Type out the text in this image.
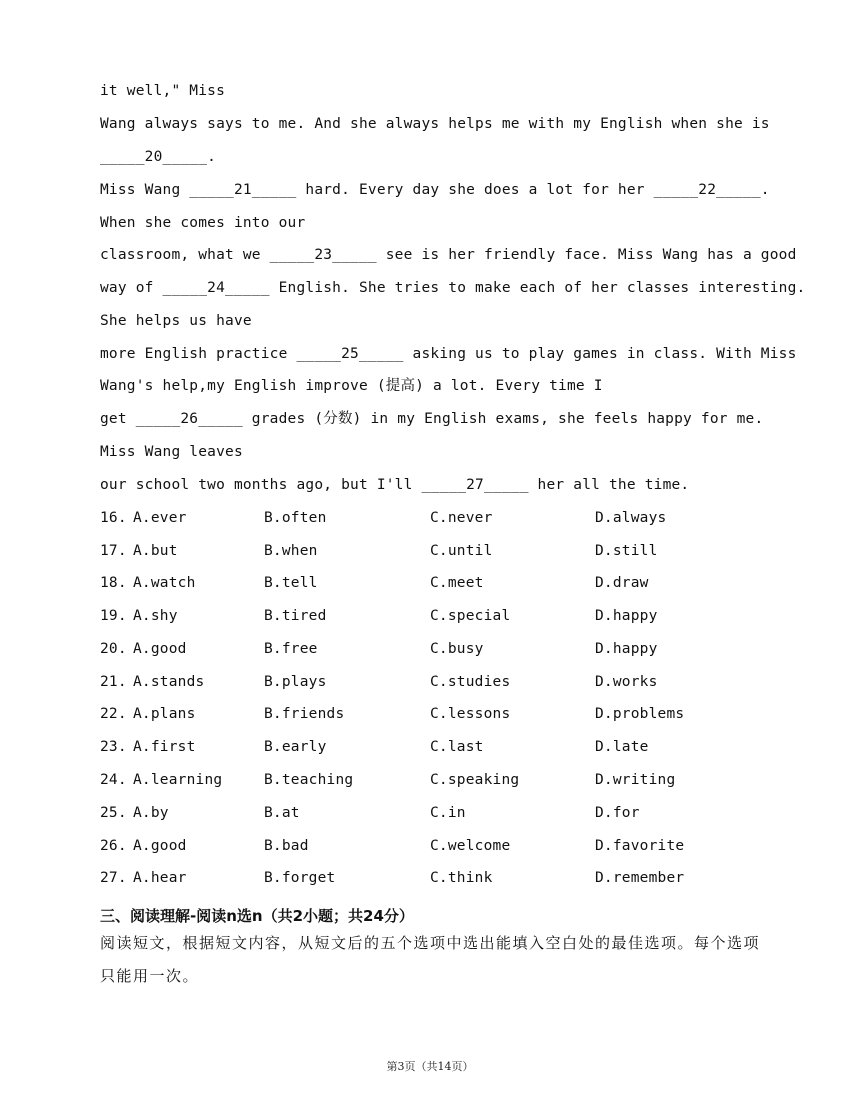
it well," Miss
Wang always says to me. And she always helps me with my English when she is
_____20_____.
Miss Wang _____21_____ hard. Every day she does a lot for her _____22_____.
When she comes into our
classroom, what we _____23_____ see is her friendly face. Miss Wang has a good
way of _____24_____ English. She tries to make each of her classes interesting.
She helps us have
more English practice _____25_____ asking us to play games in class. With Miss
Wang's help,my English improve (提高) a lot. Every time I
get _____26_____ grades (分数) in my English exams, she feels happy for me.
Miss Wang leaves
our school two months ago, but I'll _____27_____ her all the time.
16. A.ever	B.often	C.never	D.always
17. A.but	B.when	C.until	D.still
18. A.watch	B.tell	C.meet	D.draw
19. A.shy	B.tired	C.special	D.happy
20. A.good	B.free	C.busy	D.happy
21. A.stands	B.plays	C.studies	D.works
22. A.plans	B.friends	C.lessons	D.problems
23. A.first	B.early	C.last	D.late
24. A.learning	B.teaching	C.speaking	D.writing
25. A.by	B.at	C.in	D.for
26. A.good	B.bad	C.welcome	D.favorite
27. A.hear	B.forget	C.think	D.remember
三、阅读理解-阅读n选n（共2小题；共24分）
阅读短文，根据短文内容，从短文后的五个选项中选出能填入空白处的最佳选项。每个选项只能用一次。
第3页（共14页）
